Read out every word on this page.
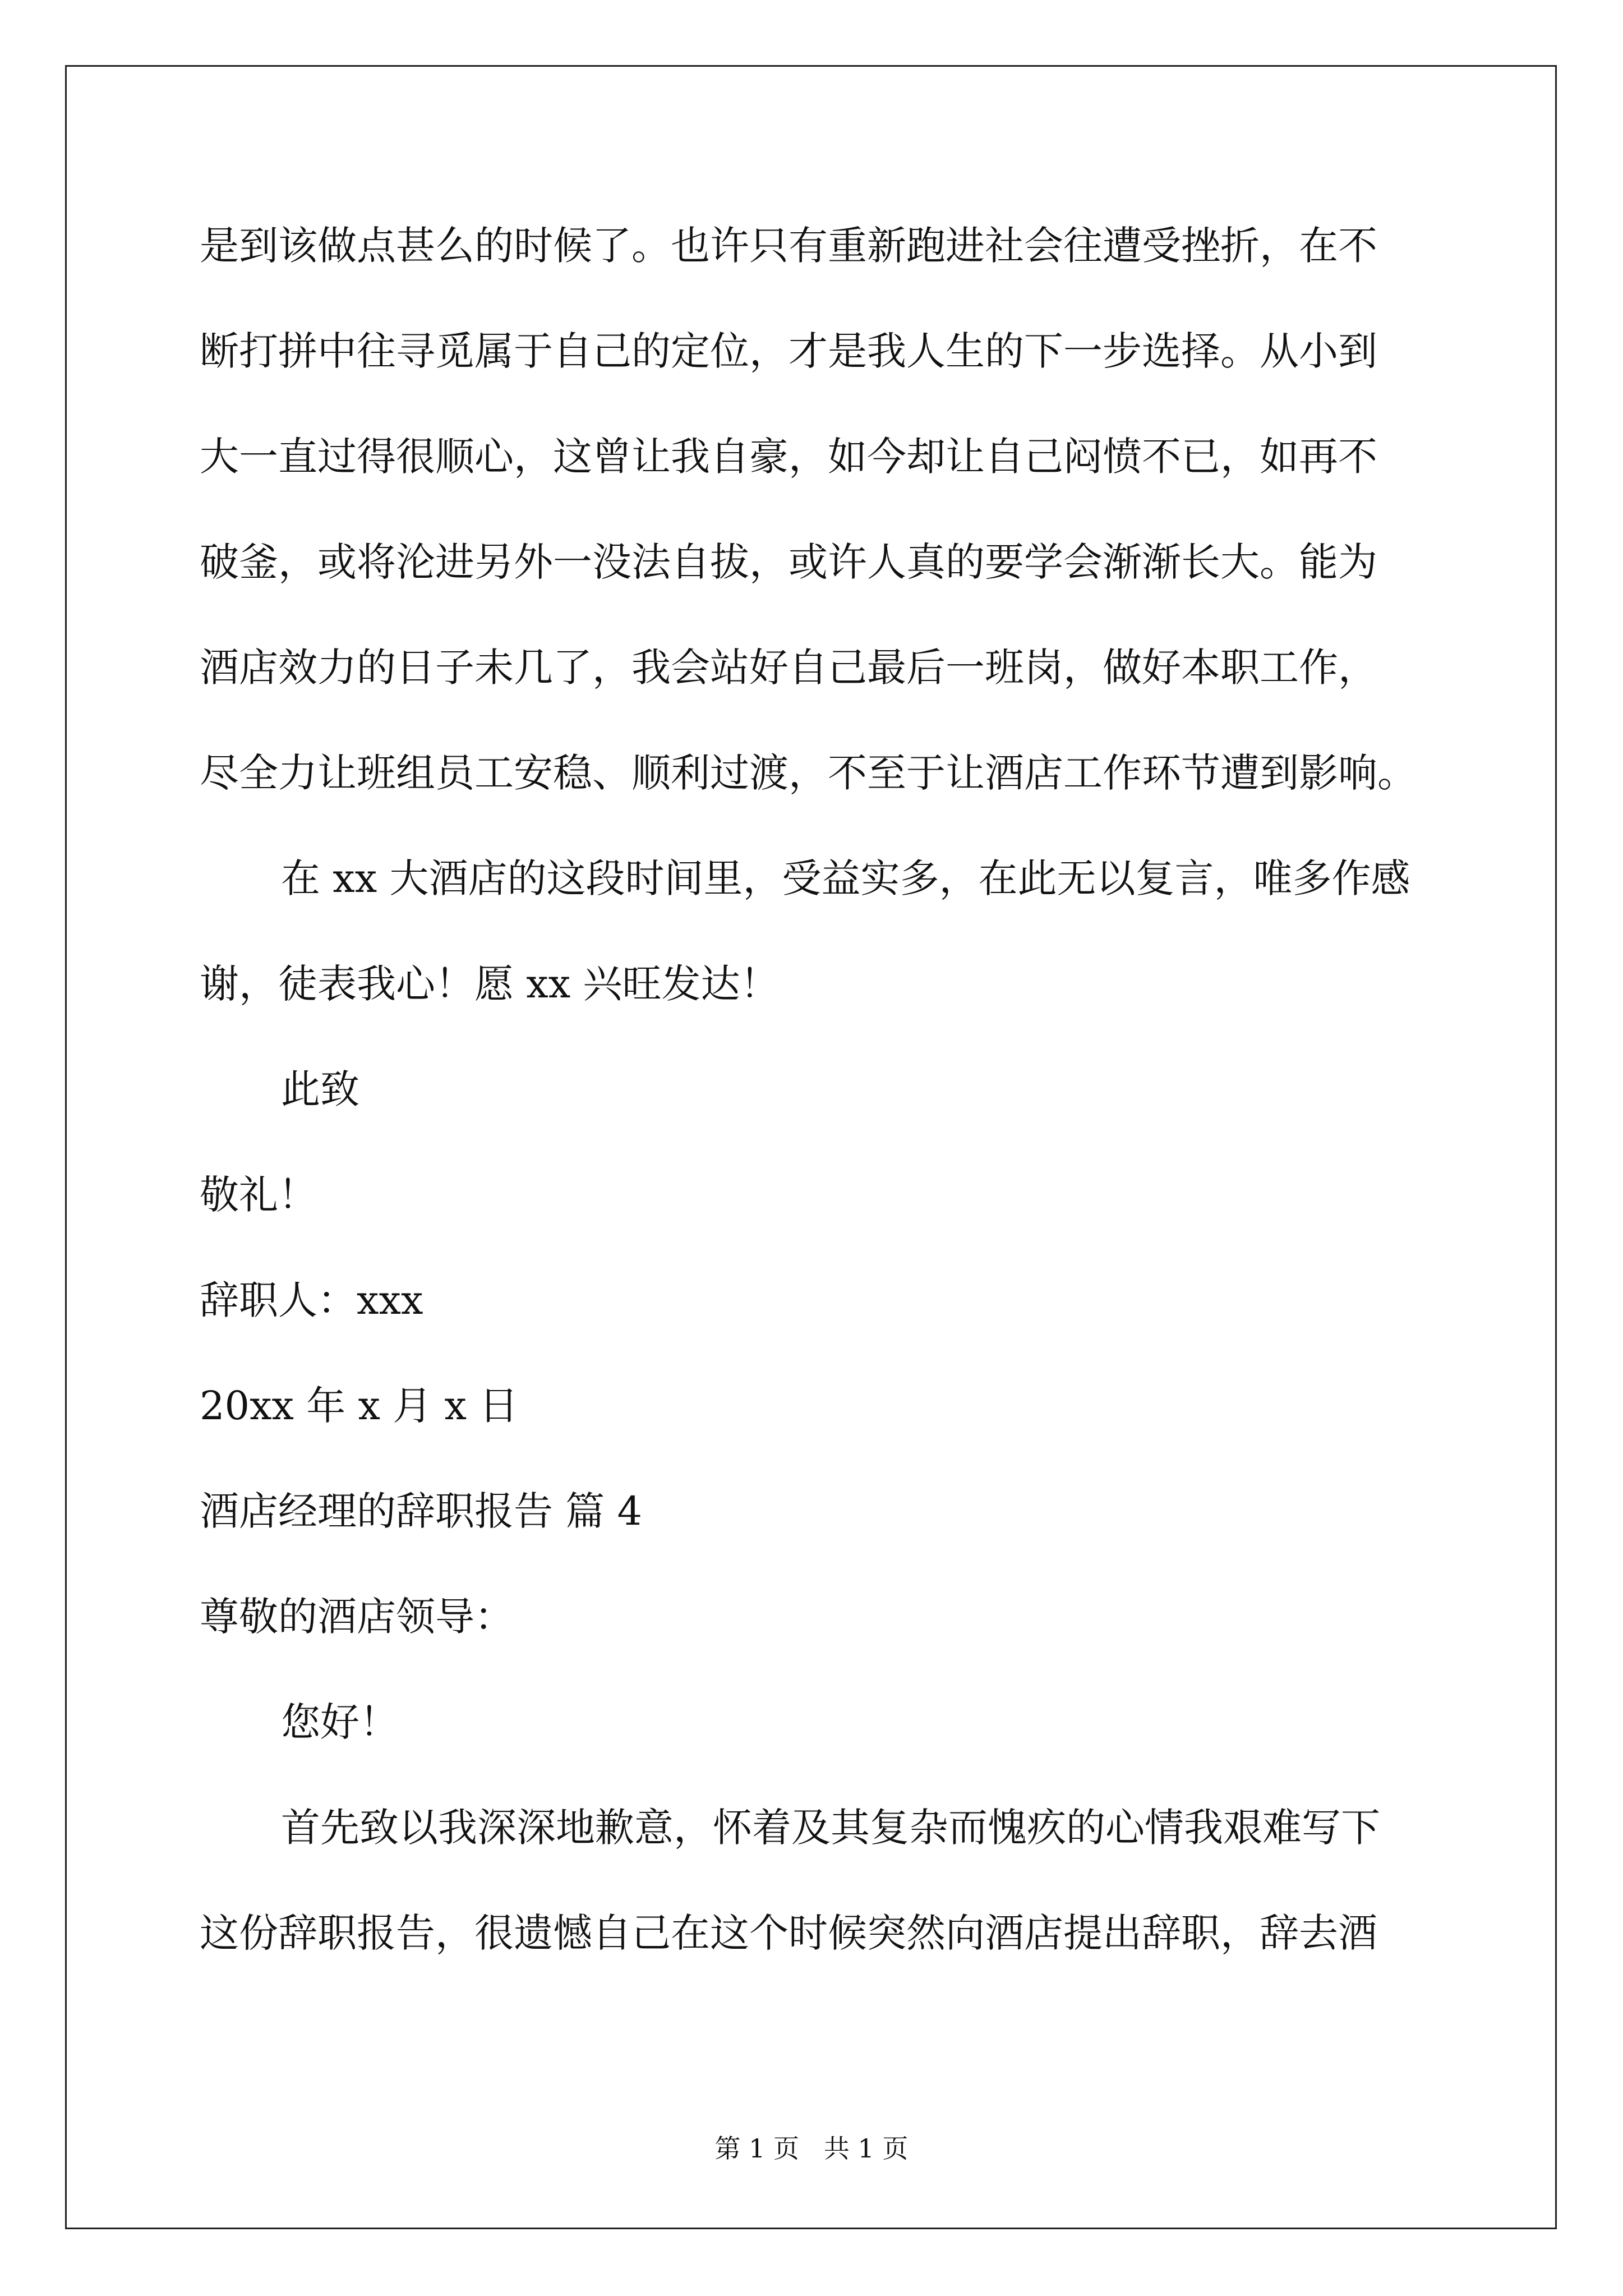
是到该做点甚么的时候了。也许只有重新跑进社会往遭受挫折，在不
断打拼中往寻觅属于自己的定位，才是我人生的下一步选择。从小到
大一直过得很顺心，这曾让我自豪，如今却让自己闷愤不已，如再不
破釜，或将沦进另外一没法自拔，或许人真的要学会渐渐长大。能为
酒店效力的日子未几了，我会站好自己最后一班岗，做好本职工作，
尽全力让班组员工安稳、顺利过渡，不至于让酒店工作环节遭到影响。
在 xx 大酒店的这段时间里，受益实多，在此无以复言，唯多作感
谢，徒表我心！愿 xx 兴旺发达！
此致
敬礼！
辞职人：xxx
20xx 年 x 月 x 日
酒店经理的辞职报告 篇 4
尊敬的酒店领导：
您好！
首先致以我深深地歉意，怀着及其复杂而愧疚的心情我艰难写下
这份辞职报告，很遗憾自己在这个时候突然向酒店提出辞职，辞去酒
第 1 页   共 1 页
